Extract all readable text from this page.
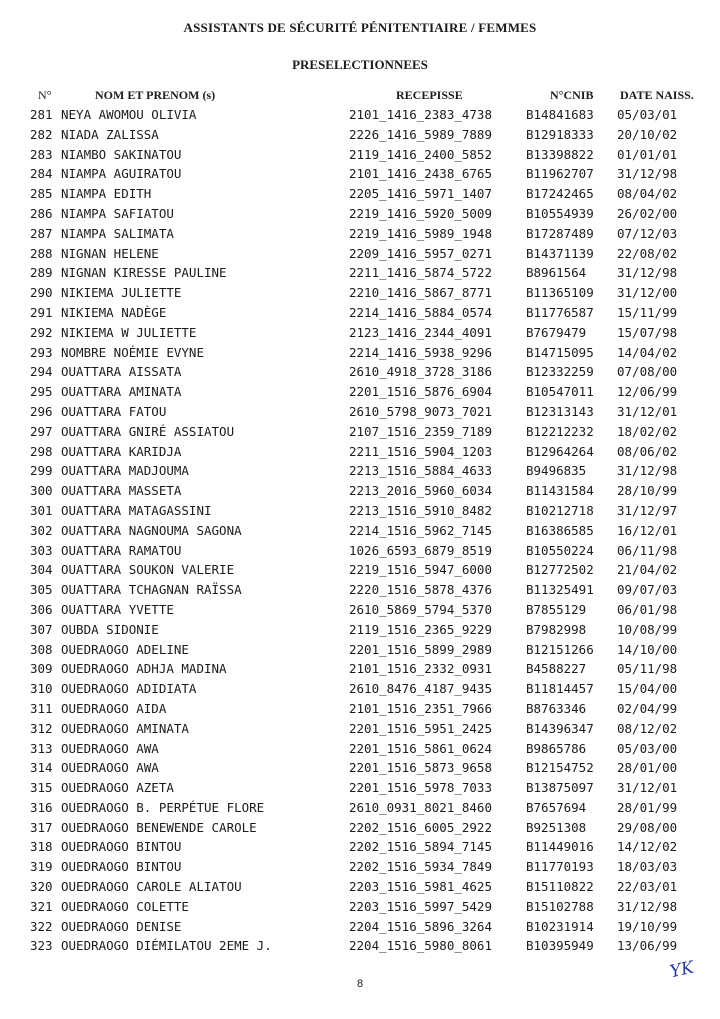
ASSISTANTS DE SÉCURITÉ PÉNITENTIAIRE / FEMMES
PRESELECTIONNEES
N°	NOM ET PRENOM (s)	RECEPISSE	N°CNIB DATE NAISS.
281 NEYA AWOMOU OLIVIA	2101_1416_2383_4738	B14841683 05/03/01
282 NIADA ZALISSA	2226_1416_5989_7889	B12918333 20/10/02
283 NIAMBO SAKINATOU	2119_1416_2400_5852	B13398822 01/01/01
284 NIAMPA AGUIRATOU	2101_1416_2438_6765	B11962707 31/12/98
285 NIAMPA EDITH	2205_1416_5971_1407	B17242465 08/04/02
286 NIAMPA SAFIATOU	2219_1416_5920_5009	B10554939 26/02/00
287 NIAMPA SALIMATA	2219_1416_5989_1948	B17287489 07/12/03
288 NIGNAN HELENE	2209_1416_5957_0271	B14371139 22/08/02
289 NIGNAN KIRESSE PAULINE	2211_1416_5874_5722	B8961564 31/12/98
290 NIKIEMA JULIETTE	2210_1416_5867_8771	B11365109 31/12/00
291 NIKIEMA NADÈGE	2214_1416_5884_0574	B11776587 15/11/99
292 NIKIEMA W JULIETTE	2123_1416_2344_4091	B7679479 15/07/98
293 NOMBRE NOÉMIE EVYNE	2214_1416_5938_9296	B14715095 14/04/02
294 OUATTARA AISSATA	2610_4918_3728_3186	B12332259 07/08/00
295 OUATTARA AMINATA	2201_1516_5876_6904	B10547011 12/06/99
296 OUATTARA FATOU	2610_5798_9073_7021	B12313143 31/12/01
297 OUATTARA GNIRÉ ASSIATOU	2107_1516_2359_7189	B12212232 18/02/02
298 OUATTARA KARIDJA	2211_1516_5904_1203	B12964264 08/06/02
299 OUATTARA MADJOUMA	2213_1516_5884_4633	B9496835 31/12/98
300 OUATTARA MASSETA	2213_2016_5960_6034	B11431584 28/10/99
301 OUATTARA MATAGASSINI	2213_1516_5910_8482	B10212718 31/12/97
302 OUATTARA NAGNOUMA SAGONA	2214_1516_5962_7145	B16386585 16/12/01
303 OUATTARA RAMATOU	1026_6593_6879_8519	B10550224 06/11/98
304 OUATTARA SOUKON VALERIE	2219_1516_5947_6000	B12772502 21/04/02
305 OUATTARA TCHAGNAN RAÏSSA	2220_1516_5878_4376	B11325491 09/07/03
306 OUATTARA YVETTE	2610_5869_5794_5370	B7855129 06/01/98
307 OUBDA SIDONIE	2119_1516_2365_9229	B7982998 10/08/99
308 OUEDRAOGO ADELINE	2201_1516_5899_2989	B12151266 14/10/00
309 OUEDRAOGO ADHJA MADINA	2101_1516_2332_0931	B4588227 05/11/98
310 OUEDRAOGO ADIDIATA	2610_8476_4187_9435	B11814457 15/04/00
311 OUEDRAOGO AIDA	2101_1516_2351_7966	B8763346 02/04/99
312 OUEDRAOGO AMINATA	2201_1516_5951_2425	B14396347 08/12/02
313 OUEDRAOGO AWA	2201_1516_5861_0624	B9865786 05/03/00
314 OUEDRAOGO AWA	2201_1516_5873_9658	B12154752 28/01/00
315 OUEDRAOGO AZETA	2201_1516_5978_7033	B13875097 31/12/01
316 OUEDRAOGO B. PERPÉTUE FLORE	2610_0931_8021_8460	B7657694 28/01/99
317 OUEDRAOGO BENEWENDE CAROLE	2202_1516_6005_2922	B9251308 29/08/00
318 OUEDRAOGO BINTOU	2202_1516_5894_7145	B11449016 14/12/02
319 OUEDRAOGO BINTOU	2202_1516_5934_7849	B11770193 18/03/03
320 OUEDRAOGO CAROLE ALIATOU	2203_1516_5981_4625	B15110822 22/03/01
321 OUEDRAOGO COLETTE	2203_1516_5997_5429	B15102788 31/12/98
322 OUEDRAOGO DENISE	2204_1516_5896_3264	B10231914 19/10/99
323 OUEDRAOGO DIÉMILATOU 2EME J.	2204_1516_5980_8061	B10395949 13/06/99
8
YK
